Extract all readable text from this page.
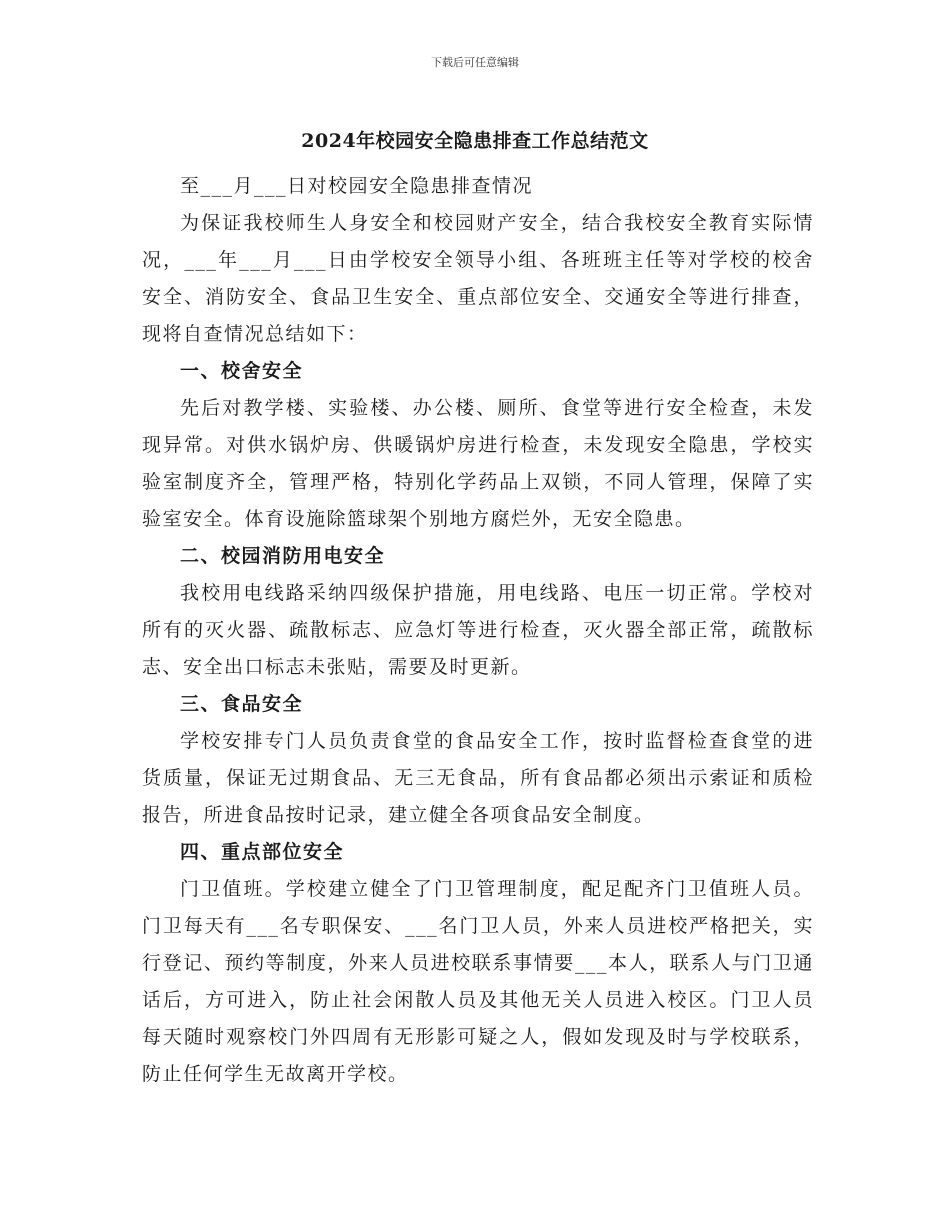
下载后可任意编辑
2024年校园安全隐患排查工作总结范文

至___月___日对校园安全隐患排查情况

为保证我校师生人身安全和校园财产安全，结合我校安全教育实际情况，___年___月___日由学校安全领导小组、各班班主任等对学校的校舍安全、消防安全、食品卫生安全、重点部位安全、交通安全等进行排查，现将自查情况总结如下：

一、校舍安全

先后对教学楼、实验楼、办公楼、厕所、食堂等进行安全检查，未发现异常。对供水锅炉房、供暖锅炉房进行检查，未发现安全隐患，学校实验室制度齐全，管理严格，特别化学药品上双锁，不同人管理，保障了实验室安全。体育设施除篮球架个别地方腐烂外，无安全隐患。

二、校园消防用电安全

我校用电线路采纳四级保护措施，用电线路、电压一切正常。学校对所有的灭火器、疏散标志、应急灯等进行检查，灭火器全部正常，疏散标志、安全出口标志未张贴，需要及时更新。

三、食品安全

学校安排专门人员负责食堂的食品安全工作，按时监督检查食堂的进货质量，保证无过期食品、无三无食品，所有食品都必须出示索证和质检报告，所进食品按时记录，建立健全各项食品安全制度。

四、重点部位安全

门卫值班。学校建立健全了门卫管理制度，配足配齐门卫值班人员。门卫每天有___名专职保安、___名门卫人员，外来人员进校严格把关，实行登记、预约等制度，外来人员进校联系事情要___本人，联系人与门卫通话后，方可进入，防止社会闲散人员及其他无关人员进入校区。门卫人员每天随时观察校门外四周有无形影可疑之人，假如发现及时与学校联系，防止任何学生无故离开学校。
